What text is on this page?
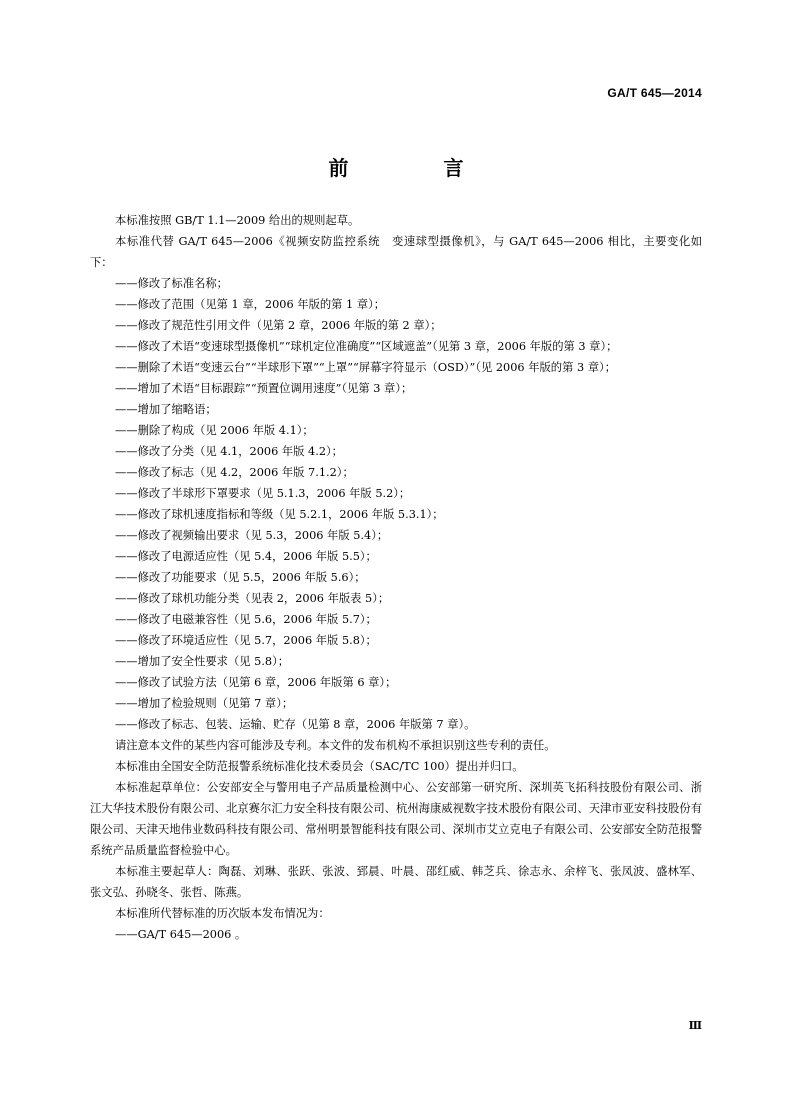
GA/T 645—2014
前 言

本标准按照 GB/T 1.1—2009 给出的规则起草。

本标准代替 GA/T 645—2006《视频安防监控系统　变速球型摄像机》，与 GA/T 645—2006 相比，主要变化如下：

——修改了标准名称；

——修改了范围（见第 1 章，2006 年版的第 1 章）；

——修改了规范性引用文件（见第 2 章，2006 年版的第 2 章）；

——修改了术语“变速球型摄像机”“球机定位准确度”“区域遮盖”（见第 3 章，2006 年版的第 3 章）；

——删除了术语“变速云台”“半球形下罩”“上罩”“屏幕字符显示（OSD）”（见 2006 年版的第 3 章）；

——增加了术语“目标跟踪”“预置位调用速度”（见第 3 章）；

——增加了缩略语；

——删除了构成（见 2006 年版 4.1）；

——修改了分类（见 4.1，2006 年版 4.2）；

——修改了标志（见 4.2，2006 年版 7.1.2）；

——修改了半球形下罩要求（见 5.1.3，2006 年版 5.2）；

——修改了球机速度指标和等级（见 5.2.1，2006 年版 5.3.1）；

——修改了视频输出要求（见 5.3，2006 年版 5.4）；

——修改了电源适应性（见 5.4，2006 年版 5.5）；

——修改了功能要求（见 5.5，2006 年版 5.6）；

——修改了球机功能分类（见表 2，2006 年版表 5）；

——修改了电磁兼容性（见 5.6，2006 年版 5.7）；

——修改了环境适应性（见 5.7，2006 年版 5.8）；

——增加了安全性要求（见 5.8）；

——修改了试验方法（见第 6 章，2006 年版第 6 章）；

——增加了检验规则（见第 7 章）；

——修改了标志、包装、运输、贮存（见第 8 章，2006 年版第 7 章）。

请注意本文件的某些内容可能涉及专利。本文件的发布机构不承担识别这些专利的责任。

本标准由全国安全防范报警系统标准化技术委员会（SAC/TC 100）提出并归口。

本标准起草单位：公安部安全与警用电子产品质量检测中心、公安部第一研究所、深圳英飞拓科技股份有限公司、浙江大华技术股份有限公司、北京赛尔汇力安全科技有限公司、杭州海康威视数字技术股份有限公司、天津市亚安科技股份有限公司、天津天地伟业数码科技有限公司、常州明景智能科技有限公司、深圳市艾立克电子有限公司、公安部安全防范报警系统产品质量监督检验中心。

本标准主要起草人：陶磊、刘琳、张跃、张波、郅晨、叶晨、邵红威、韩芝兵、徐志永、余梓飞、张凤波、盛林军、张文弘、孙晓冬、张哲、陈燕。

本标准所代替标准的历次版本发布情况为：

——GA/T 645—2006 。

Ⅲ
